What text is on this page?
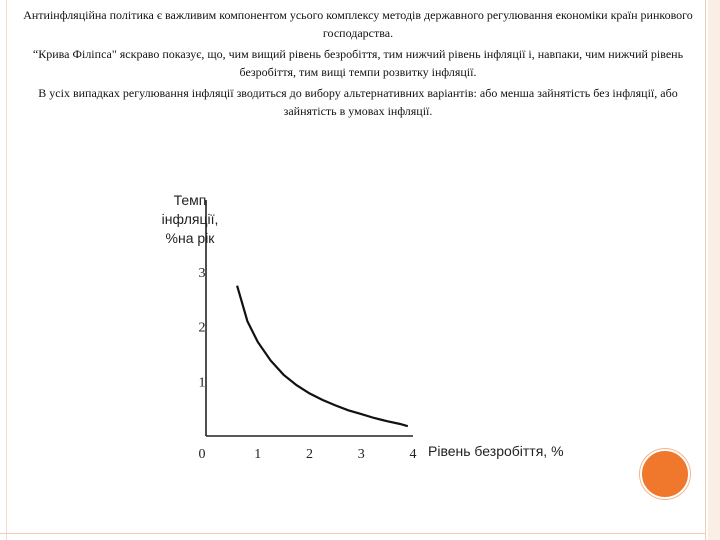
Антиінфляційна політика є важливим компонентом усього комплексу методів державного регулювання економіки країн ринкового господарства.

“Крива Філіпса" яскраво показує, що, чим вищий рівень безробіття, тим нижчий рівень інфляції і, навпаки, чим нижчий рівень безробіття, тим вищі темпи розвитку інфляції.

В усіх випадках регулювання інфляції зводиться до вибору альтернативних варіантів: або менша зайнятість без інфляції, або зайнятість в умовах інфляції.

Темп
інфляції,
%на рік
0	1	2	3	4
1
2
3
Рівень безробіття, %
